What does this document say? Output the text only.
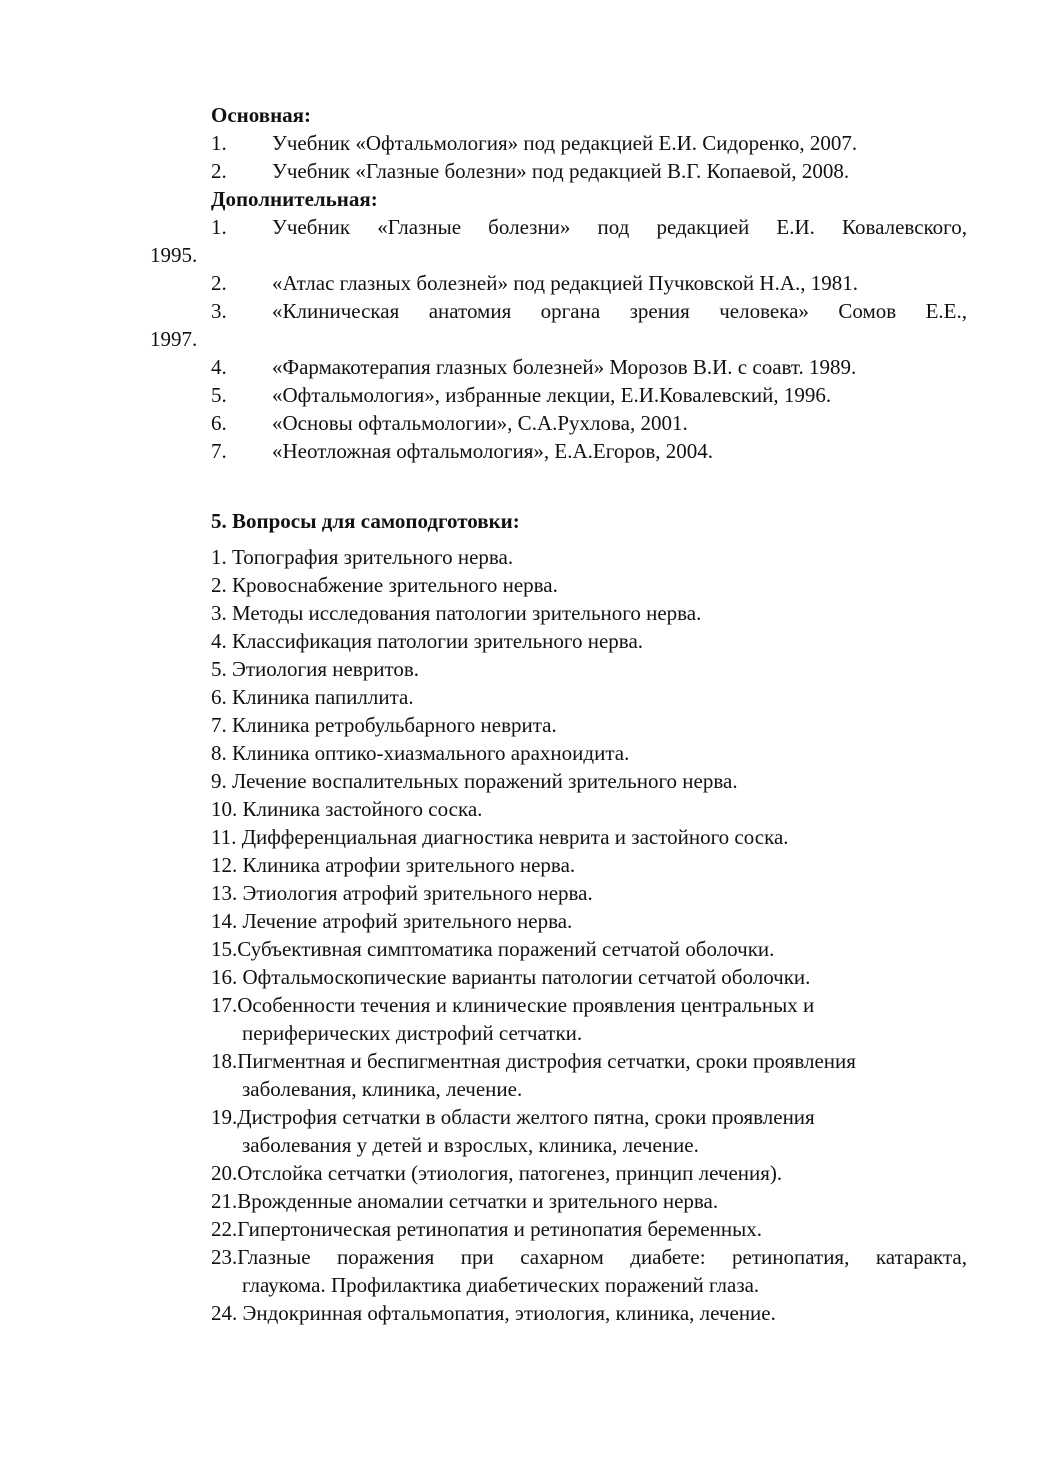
Основная:
1. Учебник «Офтальмология» под редакцией Е.И. Сидоренко, 2007.
2. Учебник «Глазные болезни» под редакцией В.Г. Копаевой, 2008.
Дополнительная:
1. Учебник «Глазные болезни» под редакцией Е.И. Ковалевского,
1995.
2. «Атлас глазных болезней» под редакцией Пучковской Н.А., 1981.
3. «Клиническая анатомия органа зрения человека» Сомов Е.Е.,
1997.
4. «Фармакотерапия глазных болезней» Морозов В.И. с соавт. 1989.
5. «Офтальмология», избранные лекции, Е.И.Ковалевский, 1996.
6. «Основы офтальмологии», С.А.Рухлова, 2001.
7. «Неотложная офтальмология», Е.А.Егоров, 2004.
5. Вопросы для самоподготовки:
1. Топография зрительного нерва.
2. Кровоснабжение зрительного нерва.
3. Методы исследования патологии зрительного нерва.
4. Классификация патологии зрительного нерва.
5. Этиология невритов.
6. Клиника папиллита.
7. Клиника ретробульбарного неврита.
8. Клиника оптико-хиазмального арахноидита.
9. Лечение воспалительных поражений зрительного нерва.
10. Клиника застойного соска.
11. Дифференциальная диагностика неврита и застойного соска.
12. Клиника атрофии зрительного нерва.
13. Этиология атрофий зрительного нерва.
14. Лечение атрофий зрительного нерва.
15.Субъективная симптоматика поражений сетчатой оболочки.
16. Офтальмоскопические варианты патологии сетчатой оболочки.
17.Особенности течения и клинические проявления центральных и
периферических дистрофий сетчатки.
18.Пигментная и беспигментная дистрофия сетчатки, сроки проявления
заболевания, клиника, лечение.
19.Дистрофия сетчатки в области желтого пятна, сроки проявления
заболевания у детей и взрослых, клиника, лечение.
20.Отслойка сетчатки (этиология, патогенез, принцип лечения).
21.Врожденные аномалии сетчатки и зрительного нерва.
22.Гипертоническая ретинопатия и ретинопатия беременных.
23.Глазные поражения при сахарном диабете: ретинопатия, катаракта,
глаукома. Профилактика диабетических поражений глаза.
24. Эндокринная офтальмопатия, этиология, клиника, лечение.
